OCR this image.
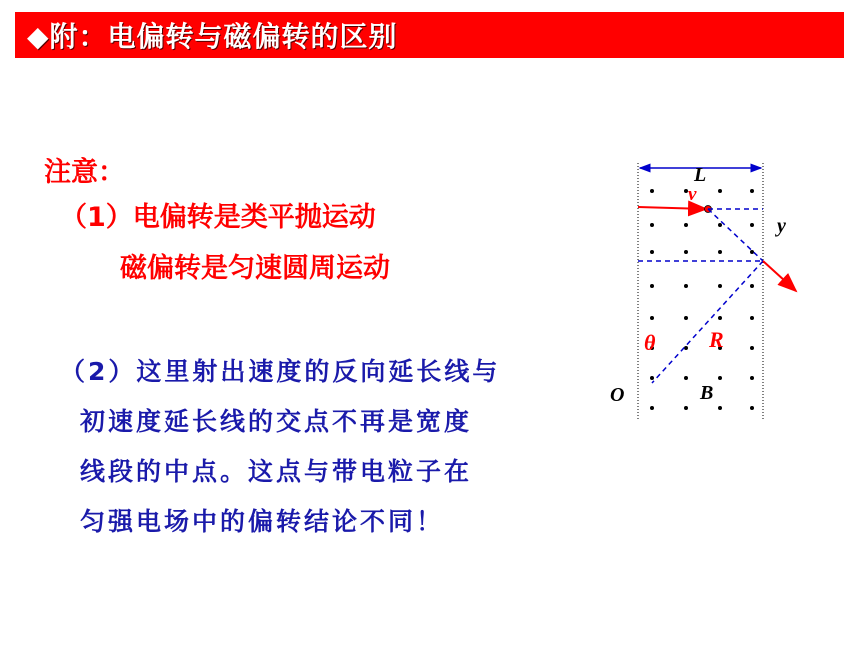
◆附：电偏转与磁偏转的区别
注意：
（1）电偏转是类平抛运动
磁偏转是匀速圆周运动
（2）这里射出速度的反向延长线与
初速度延长线的交点不再是宽度
线段的中点。这点与带电粒子在
匀强电场中的偏转结论不同！
L
v
y
θ R
O	B
